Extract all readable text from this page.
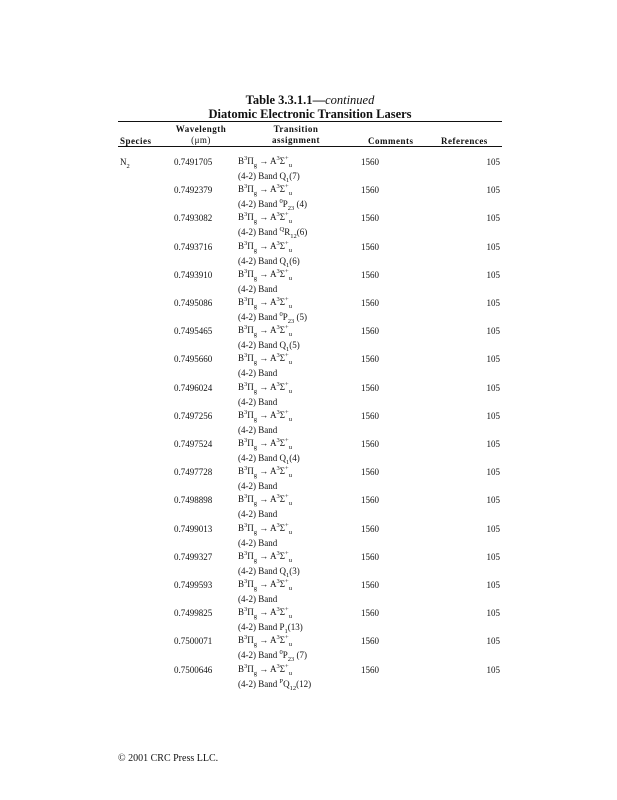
Table 3.3.1.1—continued
Diatomic Electronic Transition Lasers
Species
Wavelength
(μm)
Transition
assignment	Comments	References
$N_2$	0.7491705	$B^3\Pi_g \to A^3\Sigma^+_u$
(4-2) Band $Q_1(7)$
1560	105
0.7492379	$B^3\Pi_g \to A^3\Sigma^+_u$
(4-2) Band $^0P_{23}$ (4)
1560	105
0.7493082	$B^3\Pi_g \to A^3\Sigma^+_u$
(4-2) Band $^QR_{12}(6)$
1560	105
0.7493716	$B^3\Pi_g \to A^3\Sigma^+_u$
(4-2) Band $Q_1(6)$
1560	105
0.7493910	$B^3\Pi_g \to A^3\Sigma^+_u$
(4-2) Band
1560	105
0.7495086	$B^3\Pi_g \to A^3\Sigma^+_u$
(4-2) Band $^0P_{23}$ (5)
1560	105
0.7495465	$B^3\Pi_g \to A^3\Sigma^+_u$
(4-2) Band $Q_1(5)$
1560	105
0.7495660	$B^3\Pi_g \to A^3\Sigma^+_u$
(4-2) Band
1560	105
0.7496024	$B^3\Pi_g \to A^3\Sigma^+_u$
(4-2) Band
1560	105
0.7497256	$B^3\Pi_g \to A^3\Sigma^+_u$
(4-2) Band
1560	105
0.7497524	$B^3\Pi_g \to A^3\Sigma^+_u$
(4-2) Band $Q_1(4)$
1560	105
0.7497728	$B^3\Pi_g \to A^3\Sigma^+_u$
(4-2) Band
1560	105
0.7498898	$B^3\Pi_g \to A^3\Sigma^+_u$
(4-2) Band
1560	105
0.7499013	$B^3\Pi_g \to A^3\Sigma^+_u$
(4-2) Band
1560	105
0.7499327	$B^3\Pi_g \to A^3\Sigma^+_u$
(4-2) Band $Q_1(3)$
1560	105
0.7499593	$B^3\Pi_g \to A^3\Sigma^+_u$
(4-2) Band
1560	105
0.7499825	$B^3\Pi_g \to A^3\Sigma^+_u$
(4-2) Band $P_1(13)$
1560	105
0.7500071	$B^3\Pi_g \to A^3\Sigma^+_u$
(4-2) Band $^0P_{23}$ (7)
1560	105
0.7500646	$B^3\Pi_g \to A^3\Sigma^+_u$
(4-2) Band $^PQ_{12}(12)$
1560	105
© 2001 CRC Press LLC.
